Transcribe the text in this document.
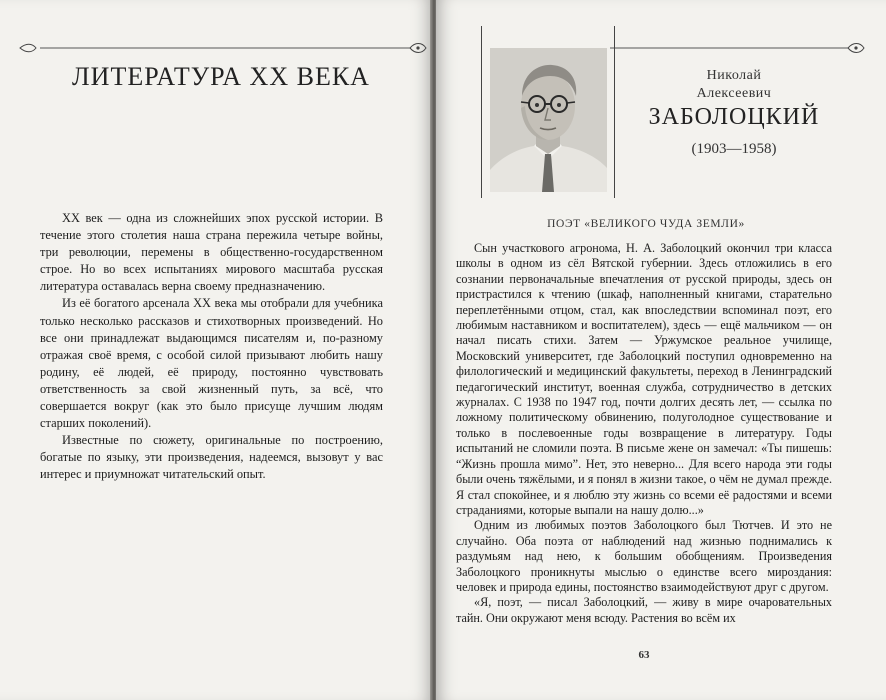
ЛИТЕРАТУРА XX ВЕКА

XX век — одна из сложнейших эпох русской истории. В течение этого столетия наша страна пережила четыре войны, три революции, перемены в общественно-государственном строе. Но во всех испытаниях мирового масштаба русская литература оставалась верна своему предназначению.

Из её богатого арсенала XX века мы отобрали для учебника только несколько рассказов и стихотворных произведений. Но все они принадлежат выдающимся писателям и, по-разному отражая своё время, с особой силой призывают любить нашу родину, её людей, её природу, постоянно чувствовать ответственность за свой жизненный путь, за всё, что совершается вокруг (как это было присуще лучшим людям старших поколений).

Известные по сюжету, оригинальные по построению, богатые по языку, эти произведения, надеемся, вызовут у вас интерес и приумножат читательский опыт.

Николай
Алексеевич
ЗАБОЛОЦКИЙ
(1903—1958)
ПОЭТ «ВЕЛИКОГО ЧУДА ЗЕМЛИ»

Сын участкового агронома, Н. А. Заболоцкий окончил три класса школы в одном из сёл Вятской губернии. Здесь отложились в его сознании первоначальные впечатления от русской природы, здесь он пристрастился к чтению (шкаф, наполненный книгами, старательно переплетёнными отцом, стал, как впоследствии вспоминал поэт, его любимым наставником и воспитателем), здесь — ещё мальчиком — он начал писать стихи. Затем — Уржумское реальное училище, Московский университет, где Заболоцкий поступил одновременно на филологический и медицинский факультеты, переход в Ленинградский педагогический институт, военная служба, сотрудничество в детских журналах. С 1938 по 1947 год, почти долгих десять лет, — ссылка по ложному политическому обвинению, полуголодное существование и только в послевоенные годы возвращение в литературу. Годы испытаний не сломили поэта. В письме жене он замечал: «Ты пишешь: “Жизнь прошла мимо”. Нет, это неверно... Для всего народа эти годы были очень тяжёлыми, и я понял в жизни такое, о чём не думал прежде. Я стал спокойнее, и я люблю эту жизнь со всеми её радостями и всеми страданиями, которые выпали на нашу долю...»

Одним из любимых поэтов Заболоцкого был Тютчев. И это не случайно. Оба поэта от наблюдений над жизнью поднимались к раздумьям над нею, к большим обобщениям. Произведения Заболоцкого проникнуты мыслью о единстве всего мироздания: человек и природа едины, постоянство взаимодействуют друг с другом.

«Я, поэт, — писал Заболоцкий, — живу в мире очаровательных тайн. Они окружают меня всюду. Растения во всём их

63
